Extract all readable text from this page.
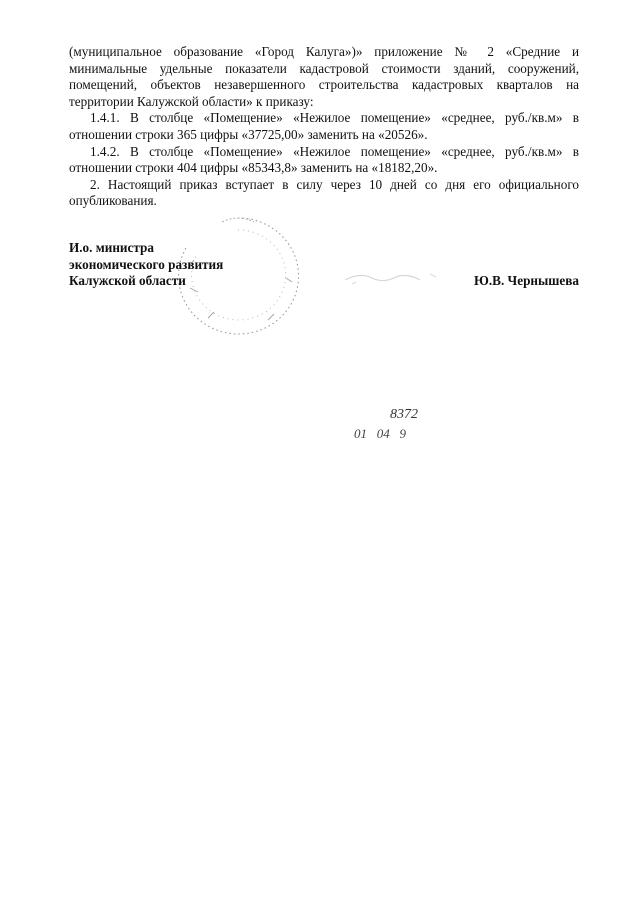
(муниципальное образование «Город Калуга»)» приложение № 2 «Средние и минимальные удельные показатели кадастровой стоимости зданий, сооружений, помещений, объектов незавершенного строительства кадастровых кварталов на территории Калужской области» к приказу:

1.4.1. В столбце «Помещение» «Нежилое помещение» «среднее, руб./кв.м» в отношении строки 365 цифры «37725,00» заменить на «20526».

1.4.2. В столбце «Помещение» «Нежилое помещение» «среднее, руб./кв.м» в отношении строки 404 цифры «85343,8» заменить на «18182,20».

2. Настоящий приказ вступает в силу через 10 дней со дня его официального опубликования.

И.о. министра
экономического развития
Калужской области	Ю.В. Чернышева
8372
01   04   9
